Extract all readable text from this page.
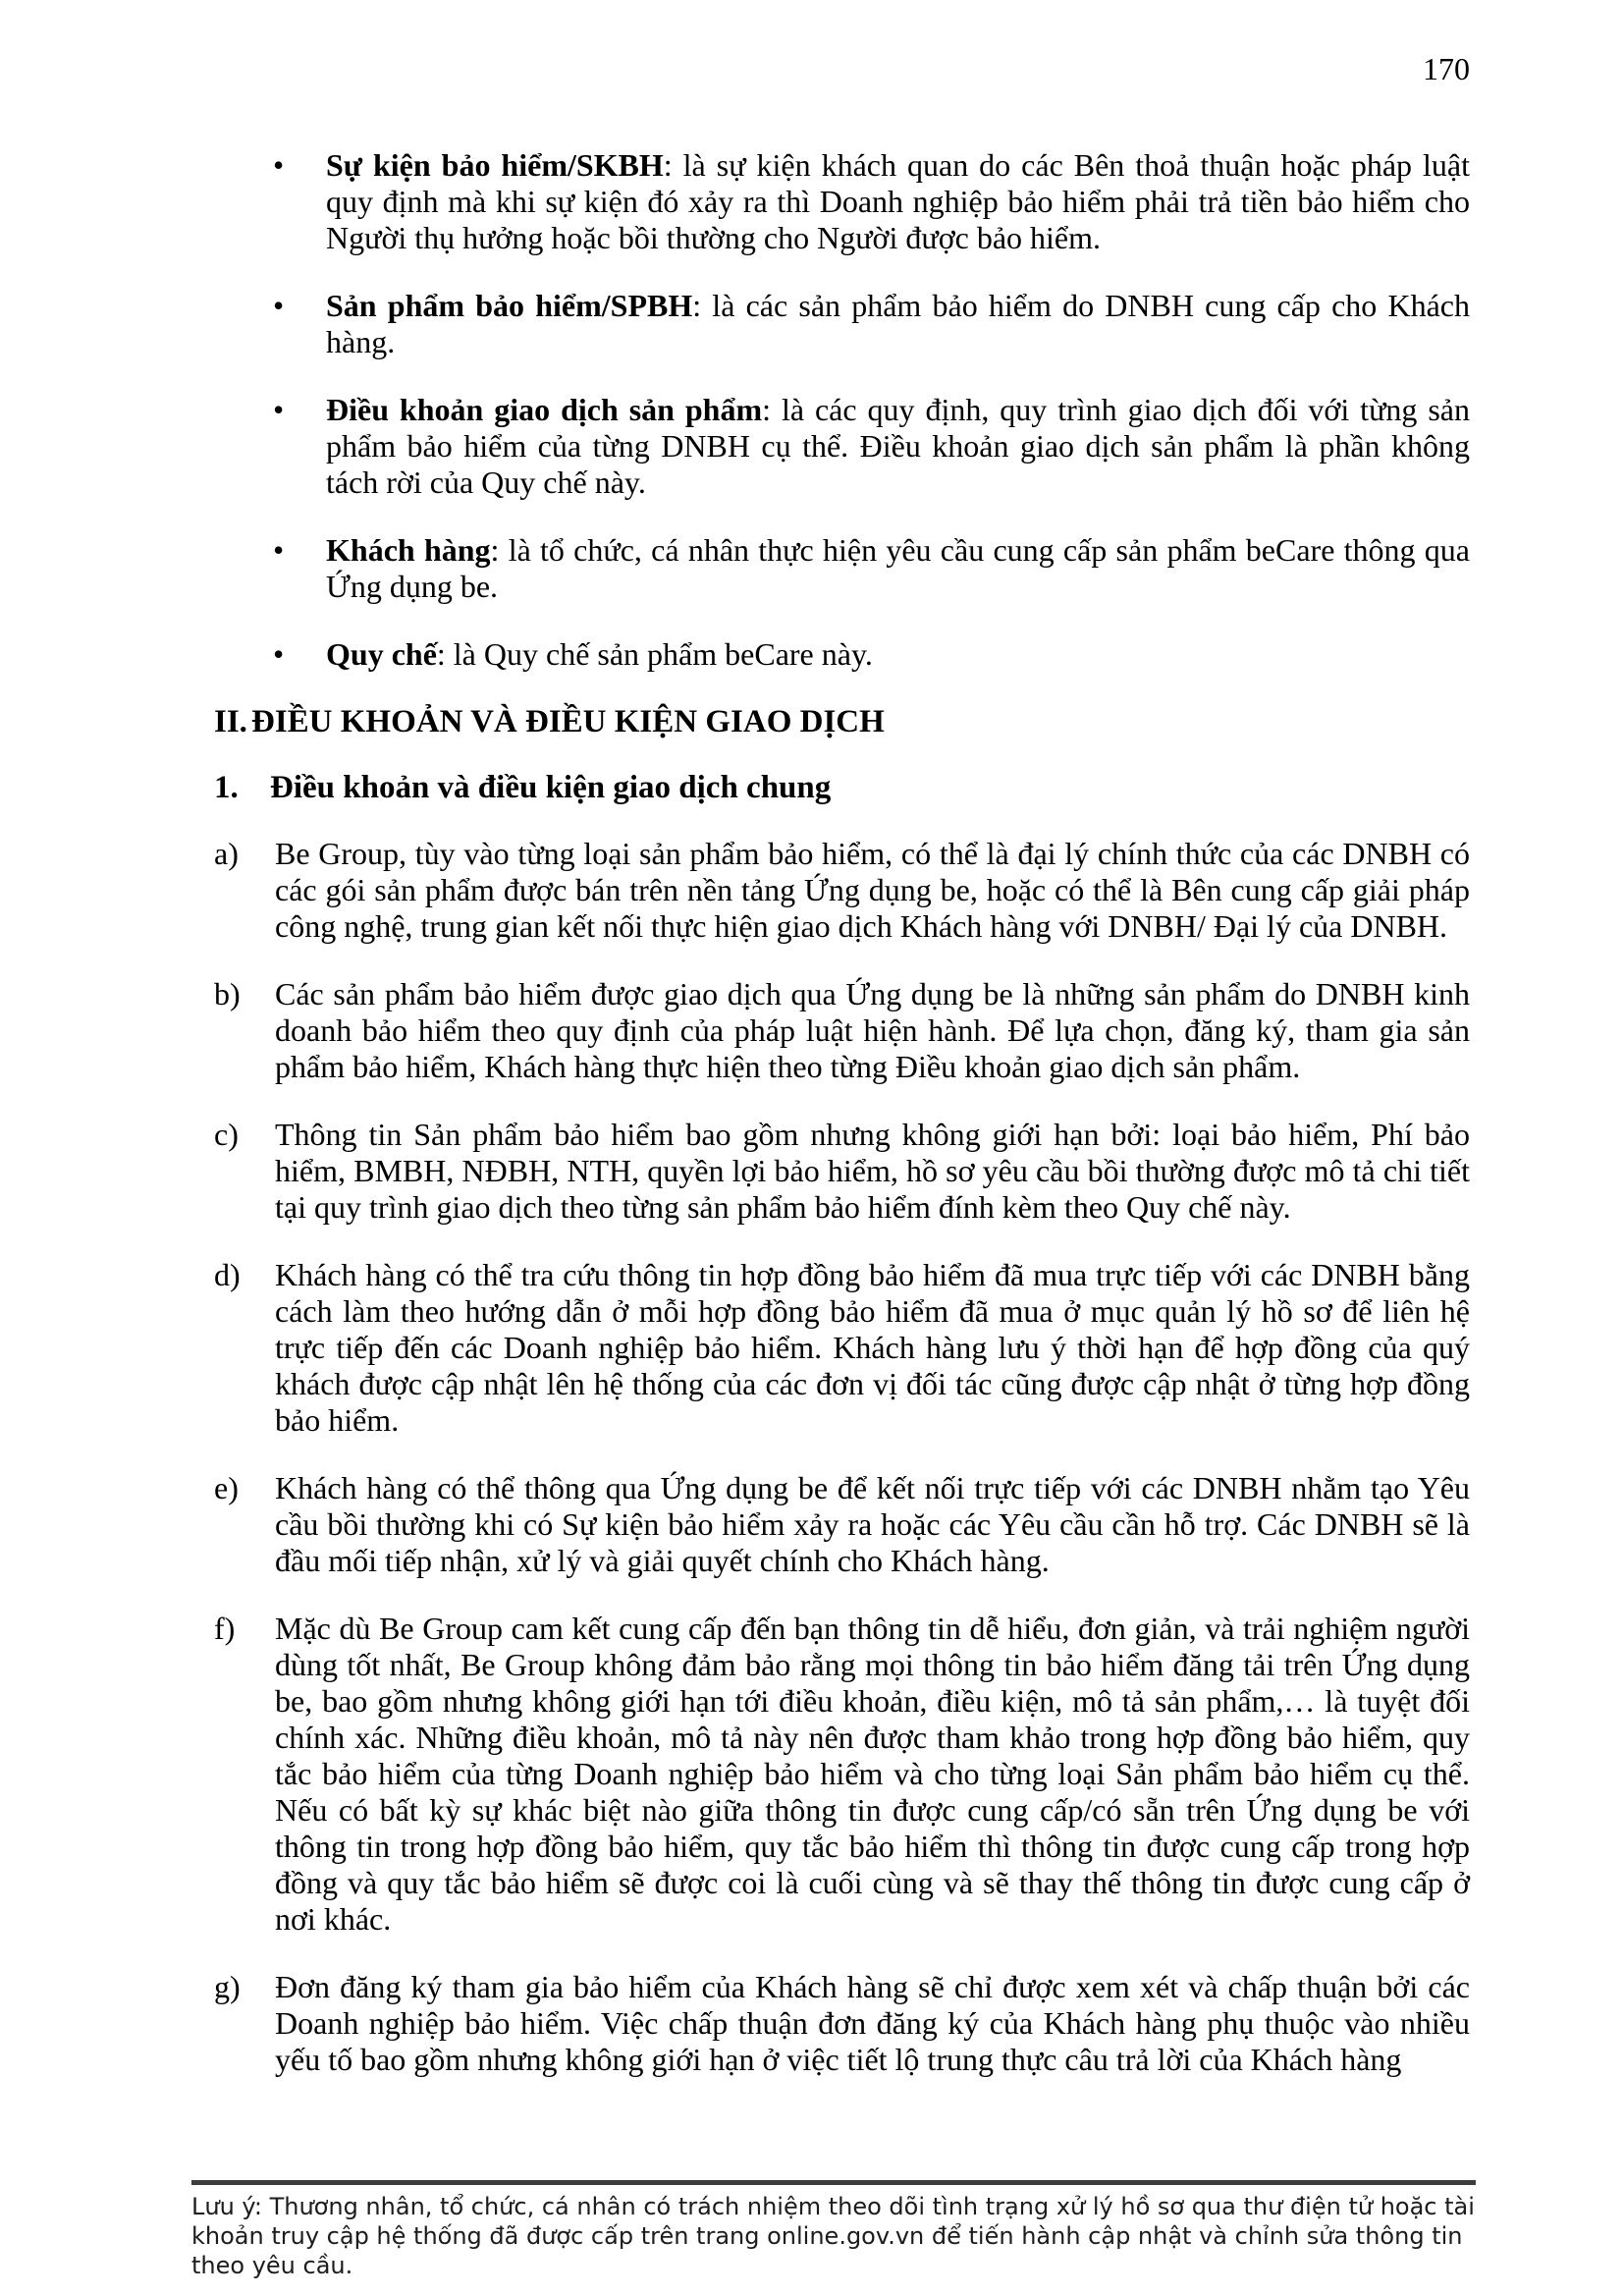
170
• Sự kiện bảo hiểm/SKBH: là sự kiện khách quan do các Bên thoả thuận hoặc pháp luật quy định mà khi sự kiện đó xảy ra thì Doanh nghiệp bảo hiểm phải trả tiền bảo hiểm cho Người thụ hưởng hoặc bồi thường cho Người được bảo hiểm.

• Sản phẩm bảo hiểm/SPBH: là các sản phẩm bảo hiểm do DNBH cung cấp cho Khách hàng.

• Điều khoản giao dịch sản phẩm: là các quy định, quy trình giao dịch đối với từng sản phẩm bảo hiểm của từng DNBH cụ thể. Điều khoản giao dịch sản phẩm là phần không tách rời của Quy chế này.

• Khách hàng: là tổ chức, cá nhân thực hiện yêu cầu cung cấp sản phẩm beCare thông qua Ứng dụng be.

• Quy chế: là Quy chế sản phẩm beCare này.

II. ĐIỀU KHOẢN VÀ ĐIỀU KIỆN GIAO DỊCH
1. Điều khoản và điều kiện giao dịch chung
a) Be Group, tùy vào từng loại sản phẩm bảo hiểm, có thể là đại lý chính thức của các DNBH có các gói sản phẩm được bán trên nền tảng Ứng dụng be, hoặc có thể là Bên cung cấp giải pháp công nghệ, trung gian kết nối thực hiện giao dịch Khách hàng với DNBH/ Đại lý của DNBH.

b) Các sản phẩm bảo hiểm được giao dịch qua Ứng dụng be là những sản phẩm do DNBH kinh doanh bảo hiểm theo quy định của pháp luật hiện hành. Để lựa chọn, đăng ký, tham gia sản phẩm bảo hiểm, Khách hàng thực hiện theo từng Điều khoản giao dịch sản phẩm.

c) Thông tin Sản phẩm bảo hiểm bao gồm nhưng không giới hạn bởi: loại bảo hiểm, Phí bảo hiểm, BMBH, NĐBH, NTH, quyền lợi bảo hiểm, hồ sơ yêu cầu bồi thường được mô tả chi tiết tại quy trình giao dịch theo từng sản phẩm bảo hiểm đính kèm theo Quy chế này.

d) Khách hàng có thể tra cứu thông tin hợp đồng bảo hiểm đã mua trực tiếp với các DNBH bằng cách làm theo hướng dẫn ở mỗi hợp đồng bảo hiểm đã mua ở mục quản lý hồ sơ để liên hệ trực tiếp đến các Doanh nghiệp bảo hiểm. Khách hàng lưu ý thời hạn để hợp đồng của quý khách được cập nhật lên hệ thống của các đơn vị đối tác cũng được cập nhật ở từng hợp đồng bảo hiểm.

e) Khách hàng có thể thông qua Ứng dụng be để kết nối trực tiếp với các DNBH nhằm tạo Yêu cầu bồi thường khi có Sự kiện bảo hiểm xảy ra hoặc các Yêu cầu cần hỗ trợ. Các DNBH sẽ là đầu mối tiếp nhận, xử lý và giải quyết chính cho Khách hàng.

f) Mặc dù Be Group cam kết cung cấp đến bạn thông tin dễ hiểu, đơn giản, và trải nghiệm người dùng tốt nhất, Be Group không đảm bảo rằng mọi thông tin bảo hiểm đăng tải trên Ứng dụng be, bao gồm nhưng không giới hạn tới điều khoản, điều kiện, mô tả sản phẩm,… là tuyệt đối chính xác. Những điều khoản, mô tả này nên được tham khảo trong hợp đồng bảo hiểm, quy tắc bảo hiểm của từng Doanh nghiệp bảo hiểm và cho từng loại Sản phẩm bảo hiểm cụ thể. Nếu có bất kỳ sự khác biệt nào giữa thông tin được cung cấp/có sẵn trên Ứng dụng be với thông tin trong hợp đồng bảo hiểm, quy tắc bảo hiểm thì thông tin được cung cấp trong hợp đồng và quy tắc bảo hiểm sẽ được coi là cuối cùng và sẽ thay thế thông tin được cung cấp ở nơi khác.

g) Đơn đăng ký tham gia bảo hiểm của Khách hàng sẽ chỉ được xem xét và chấp thuận bởi các Doanh nghiệp bảo hiểm. Việc chấp thuận đơn đăng ký của Khách hàng phụ thuộc vào nhiều yếu tố bao gồm nhưng không giới hạn ở việc tiết lộ trung thực câu trả lời của Khách hàng

Lưu ý: Thương nhân, tổ chức, cá nhân có trách nhiệm theo dõi tình trạng xử lý hồ sơ qua thư điện tử hoặc tài khoản truy cập hệ thống đã được cấp trên trang online.gov.vn để tiến hành cập nhật và chỉnh sửa thông tin theo yêu cầu.
